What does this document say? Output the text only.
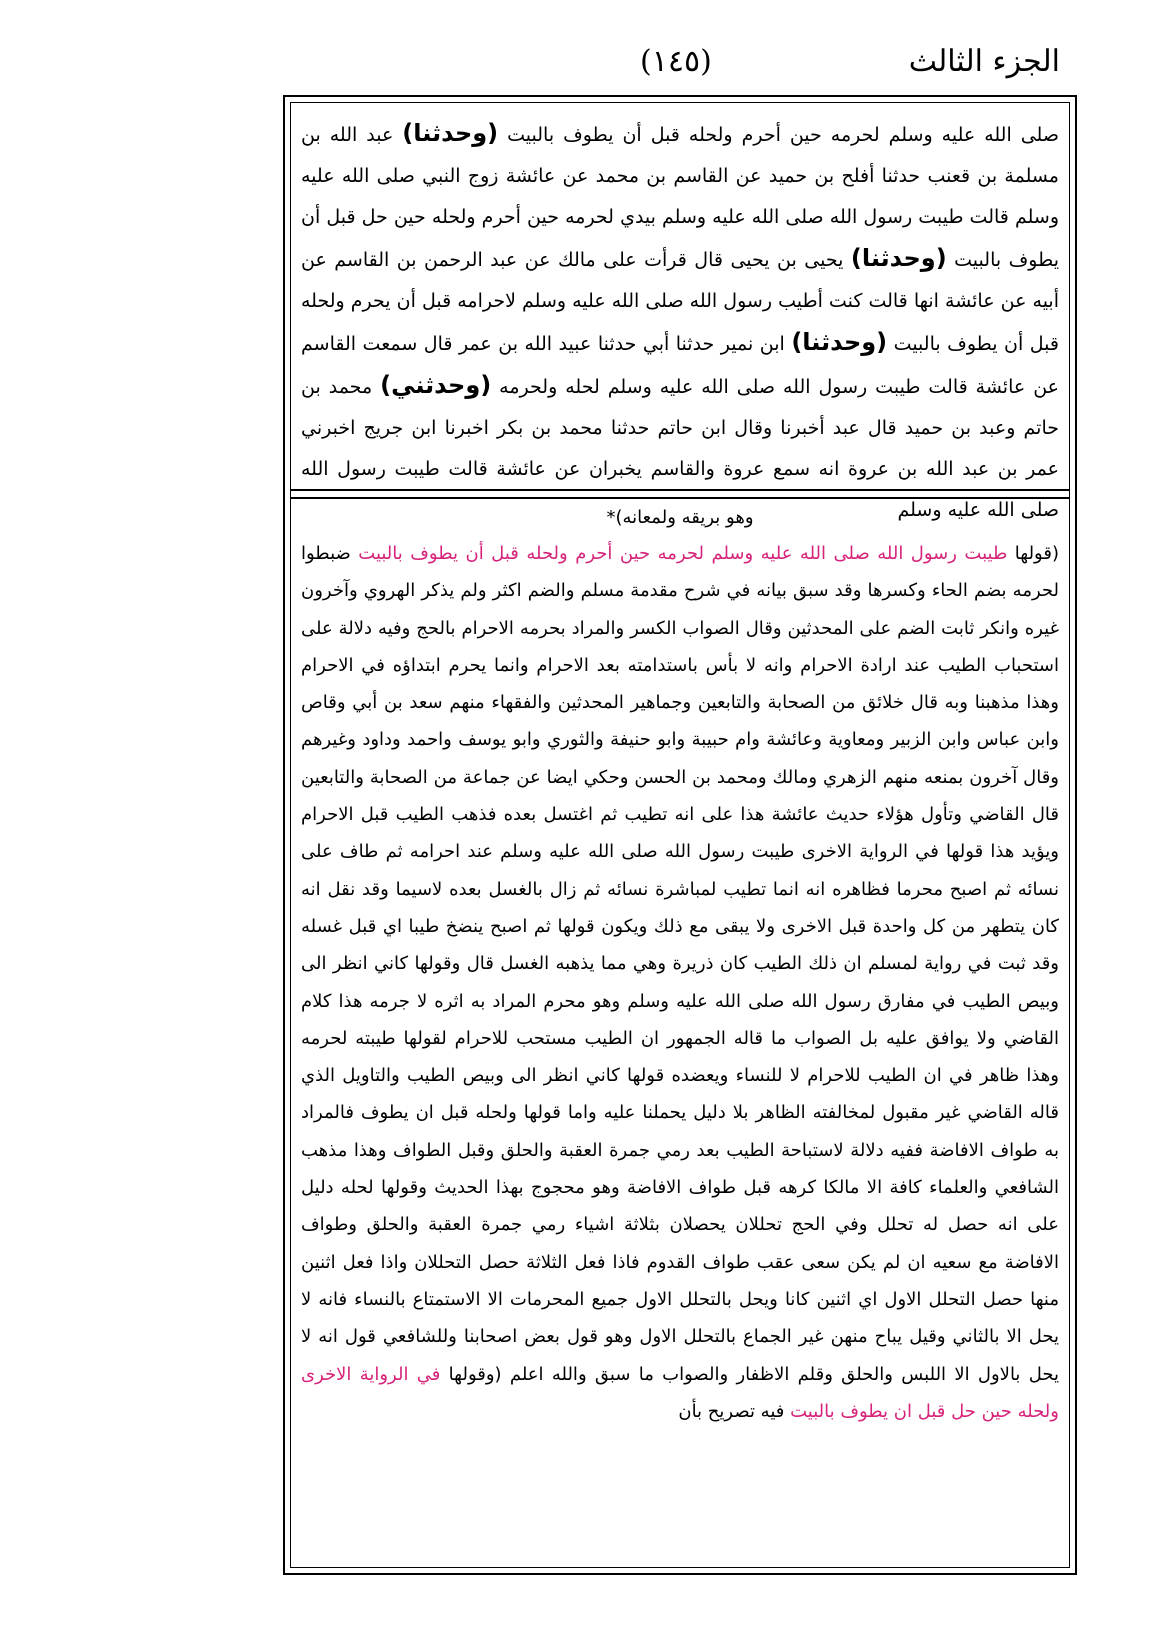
(١٤٥)	الجزء الثالث
صلى الله عليه وسلم لحرمه حين أحرم ولحله قبل أن يطوف بالبيت (وحدثنا) عبد الله بن مسلمة بن قعنب حدثنا أفلح بن حميد عن القاسم بن محمد عن عائشة زوج النبي صلى الله عليه وسلم قالت طيبت رسول الله صلى الله عليه وسلم بيدي لحرمه حين أحرم ولحله حين حل قبل أن يطوف بالبيت (وحدثنا) يحيى بن يحيى قال قرأت على مالك عن عبد الرحمن بن القاسم عن أبيه عن عائشة انها قالت كنت أطيب رسول الله صلى الله عليه وسلم لاحرامه قبل أن يحرم ولحله قبل أن يطوف بالبيت (وحدثنا) ابن نمير حدثنا أبي حدثنا عبيد الله بن عمر قال سمعت القاسم عن عائشة قالت طيبت رسول الله صلى الله عليه وسلم لحله ولحرمه (وحدثني) محمد بن حاتم وعبد بن حميد قال عبد أخبرنا وقال ابن حاتم حدثنا محمد بن بكر اخبرنا ابن جريج اخبرني عمر بن عبد الله بن عروة انه سمع عروة والقاسم يخبران عن عائشة قالت طيبت رسول الله صلى الله عليه وسلم
وهو بريقه ولمعانه)*
(قولها طيبت رسول الله صلى الله عليه وسلم لحرمه حين أحرم ولحله قبل أن يطوف بالبيت ضبطوا لحرمه بضم الحاء وكسرها وقد سبق بيانه في شرح مقدمة مسلم والضم اكثر ولم يذكر الهروي وآخرون غيره وانكر ثابت الضم على المحدثين وقال الصواب الكسر والمراد بحرمه الاحرام بالحج وفيه دلالة على استحباب الطيب عند ارادة الاحرام وانه لا بأس باستدامته بعد الاحرام وانما يحرم ابتداؤه في الاحرام وهذا مذهبنا وبه قال خلائق من الصحابة والتابعين وجماهير المحدثين والفقهاء منهم سعد بن أبي وقاص وابن عباس وابن الزبير ومعاوية وعائشة وام حبيبة وابو حنيفة والثوري وابو يوسف واحمد وداود وغيرهم وقال آخرون بمنعه منهم الزهري ومالك ومحمد بن الحسن وحكي ايضا عن جماعة من الصحابة والتابعين قال القاضي وتأول هؤلاء حديث عائشة هذا على انه تطيب ثم اغتسل بعده فذهب الطيب قبل الاحرام ويؤيد هذا قولها في الرواية الاخرى طيبت رسول الله صلى الله عليه وسلم عند احرامه ثم طاف على نسائه ثم اصبح محرما فظاهره انه انما تطيب لمباشرة نسائه ثم زال بالغسل بعده لاسيما وقد نقل انه كان يتطهر من كل واحدة قبل الاخرى ولا يبقى مع ذلك ويكون قولها ثم اصبح ينضخ طيبا اي قبل غسله وقد ثبت في رواية لمسلم ان ذلك الطيب كان ذريرة وهي مما يذهبه الغسل قال وقولها كاني انظر الى وبيص الطيب في مفارق رسول الله صلى الله عليه وسلم وهو محرم المراد به اثره لا جرمه هذا كلام القاضي ولا يوافق عليه بل الصواب ما قاله الجمهور ان الطيب مستحب للاحرام لقولها طيبته لحرمه وهذا ظاهر في ان الطيب للاحرام لا للنساء ويعضده قولها كاني انظر الى وبيص الطيب والتاويل الذي قاله القاضي غير مقبول لمخالفته الظاهر بلا دليل يحملنا عليه واما قولها ولحله قبل ان يطوف فالمراد به طواف الافاضة ففيه دلالة لاستباحة الطيب بعد رمي جمرة العقبة والحلق وقبل الطواف وهذا مذهب الشافعي والعلماء كافة الا مالكا كرهه قبل طواف الافاضة وهو محجوج بهذا الحديث وقولها لحله دليل على انه حصل له تحلل وفي الحج تحللان يحصلان بثلاثة اشياء رمي جمرة العقبة والحلق وطواف الافاضة مع سعيه ان لم يكن سعى عقب طواف القدوم فاذا فعل الثلاثة حصل التحللان واذا فعل اثنين منها حصل التحلل الاول اي اثنين كانا ويحل بالتحلل الاول جميع المحرمات الا الاستمتاع بالنساء فانه لا يحل الا بالثاني وقيل يباح منهن غير الجماع بالتحلل الاول وهو قول بعض اصحابنا وللشافعي قول انه لا يحل بالاول الا اللبس والحلق وقلم الاظفار والصواب ما سبق والله اعلم (وقولها في الرواية الاخرى ولحله حين حل قبل ان يطوف بالبيت فيه تصريح بأن
